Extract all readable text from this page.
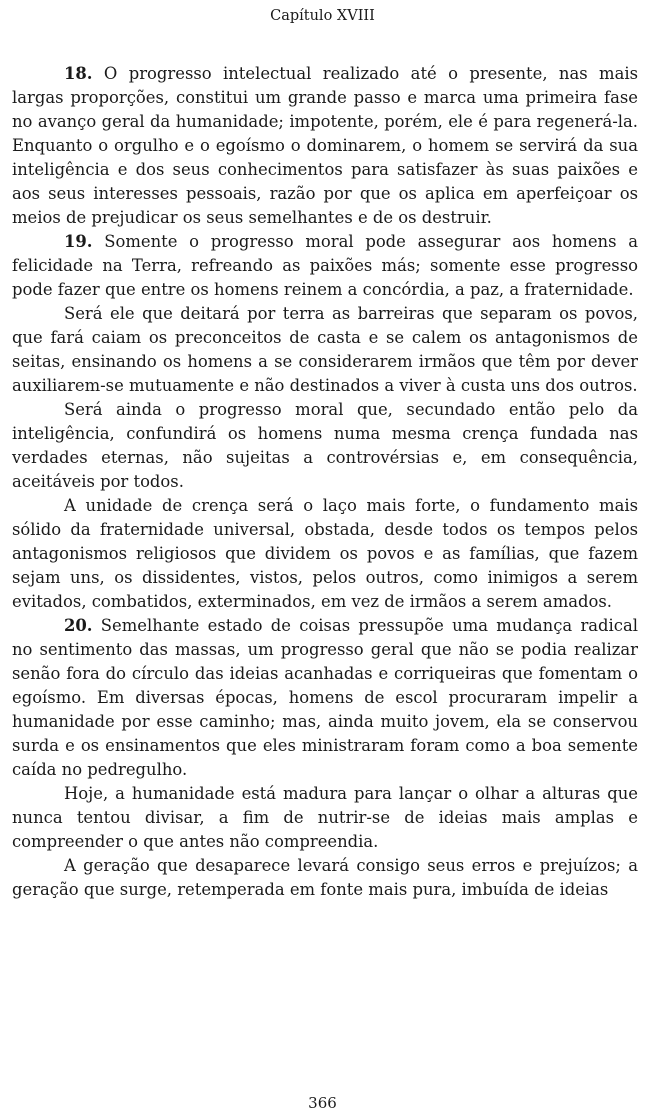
Capítulo XVIII

18. O progresso intelectual realizado até o presente, nas mais largas proporções, constitui um grande passo e marca uma primeira fase no avanço geral da humanidade; impotente, porém, ele é para regenerá-la. Enquanto o orgulho e o egoísmo o dominarem, o homem se servirá da sua inteligência e dos seus conhecimentos para satisfazer às suas paixões e aos seus interesses pessoais, razão por que os aplica em aperfeiçoar os meios de prejudicar os seus semelhantes e de os destruir.

19. Somente o progresso moral pode assegurar aos homens a felicidade na Terra, refreando as paixões más; somente esse progresso pode fazer que entre os homens reinem a concórdia, a paz, a fraternidade.

Será ele que deitará por terra as barreiras que separam os povos, que fará caiam os preconceitos de casta e se calem os antagonismos de seitas, ensinando os homens a se considerarem irmãos que têm por dever auxiliarem-se mutuamente e não destinados a viver à custa uns dos outros.

Será ainda o progresso moral que, secundado então pelo da inteligência, confundirá os homens numa mesma crença fundada nas verdades eternas, não sujeitas a controvérsias e, em consequência, aceitáveis por todos.

A unidade de crença será o laço mais forte, o fundamento mais sólido da fraternidade universal, obstada, desde todos os tempos pelos antagonismos religiosos que dividem os povos e as famílias, que fazem sejam uns, os dissidentes, vistos, pelos outros, como inimigos a serem evitados, combatidos, exterminados, em vez de irmãos a serem amados.

20. Semelhante estado de coisas pressupõe uma mudança radical no sentimento das massas, um progresso geral que não se podia realizar senão fora do círculo das ideias acanhadas e corriqueiras que fomentam o egoísmo. Em diversas épocas, homens de escol procuraram impelir a humanidade por esse caminho; mas, ainda muito jovem, ela se conservou surda e os ensinamentos que eles ministraram foram como a boa semente caída no pedregulho.

Hoje, a humanidade está madura para lançar o olhar a alturas que nunca tentou divisar, a fim de nutrir-se de ideias mais amplas e compreender o que antes não compreendia.

A geração que desaparece levará consigo seus erros e prejuízos; a geração que surge, retemperada em fonte mais pura, imbuída de ideias

366
